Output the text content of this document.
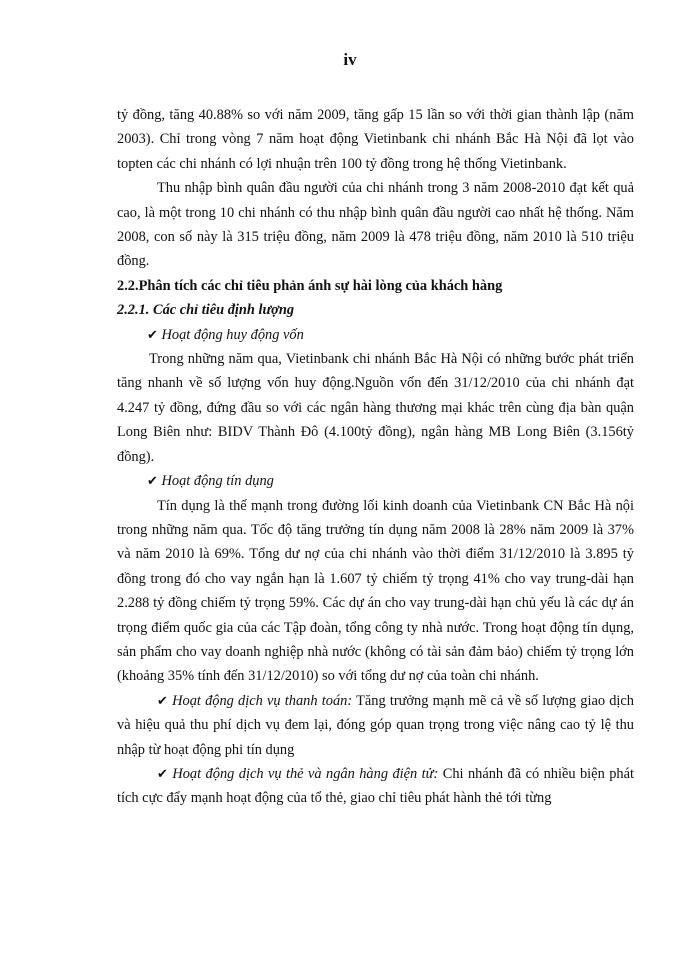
iv

tỷ đồng, tăng 40.88% so với năm 2009, tăng gấp 15 lần so với thời gian thành lập (năm 2003). Chỉ trong vòng 7 năm hoạt động Vietinbank chi nhánh Bắc Hà Nội đã lọt vào topten các chi nhánh có lợi nhuận trên 100 tỷ đồng trong hệ thống Vietinbank.

Thu nhập bình quân đầu người của chi nhánh trong 3 năm 2008-2010 đạt kết quả cao, là một trong 10 chi nhánh có thu nhập bình quân đầu người cao nhất hệ thống. Năm 2008, con số này là 315 triệu đồng, năm 2009 là 478 triệu đồng, năm 2010 là 510 triệu đồng.

2.2.Phân tích các chỉ tiêu phản ánh sự hài lòng của khách hàng

2.2.1. Các chỉ tiêu định lượng

✔ Hoạt động huy động vốn

Trong những năm qua, Vietinbank chi nhánh Bắc Hà Nội có những bước phát triển tăng nhanh về số lượng vốn huy động.Nguồn vốn đến 31/12/2010 của chi nhánh đạt 4.247 tỷ đồng, đứng đầu so với các ngân hàng thương mại khác trên cùng địa bàn quận Long Biên như: BIDV Thành Đô (4.100tỷ đồng), ngân hàng MB Long Biên (3.156tỷ đồng).

✔ Hoạt động tín dụng

Tín dụng là thế mạnh trong đường lối kinh doanh của Vietinbank CN Bắc Hà nội trong những năm qua. Tốc độ tăng trưởng tín dụng năm 2008 là 28% năm 2009 là 37% và năm 2010 là 69%. Tổng dư nợ của chi nhánh vào thời điểm 31/12/2010 là 3.895 tỷ đồng trong đó cho vay ngắn hạn là 1.607 tỷ chiếm tỷ trọng 41% cho vay trung-dài hạn 2.288 tỷ đồng chiếm tỷ trọng 59%. Các dự án cho vay trung-dài hạn chủ yếu là các dự án trọng điểm quốc gia của các Tập đoàn, tổng công ty nhà nước. Trong hoạt động tín dụng, sản phẩm cho vay doanh nghiệp nhà nước (không có tài sản đảm bảo) chiếm tỷ trọng lớn (khoảng 35% tính đến 31/12/2010) so với tổng dư nợ của toàn chi nhánh.

✔ Hoạt động dịch vụ thanh toán: Tăng trưởng mạnh mẽ cả về số lượng giao dịch và hiệu quả thu phí dịch vụ đem lại, đóng góp quan trọng trong việc nâng cao tỷ lệ thu nhập từ hoạt động phi tín dụng

✔ Hoạt động dịch vụ thẻ và ngân hàng điện tử: Chi nhánh đã có nhiều biện phát tích cực đẩy mạnh hoạt động của tổ thẻ, giao chỉ tiêu phát hành thẻ tới từng
